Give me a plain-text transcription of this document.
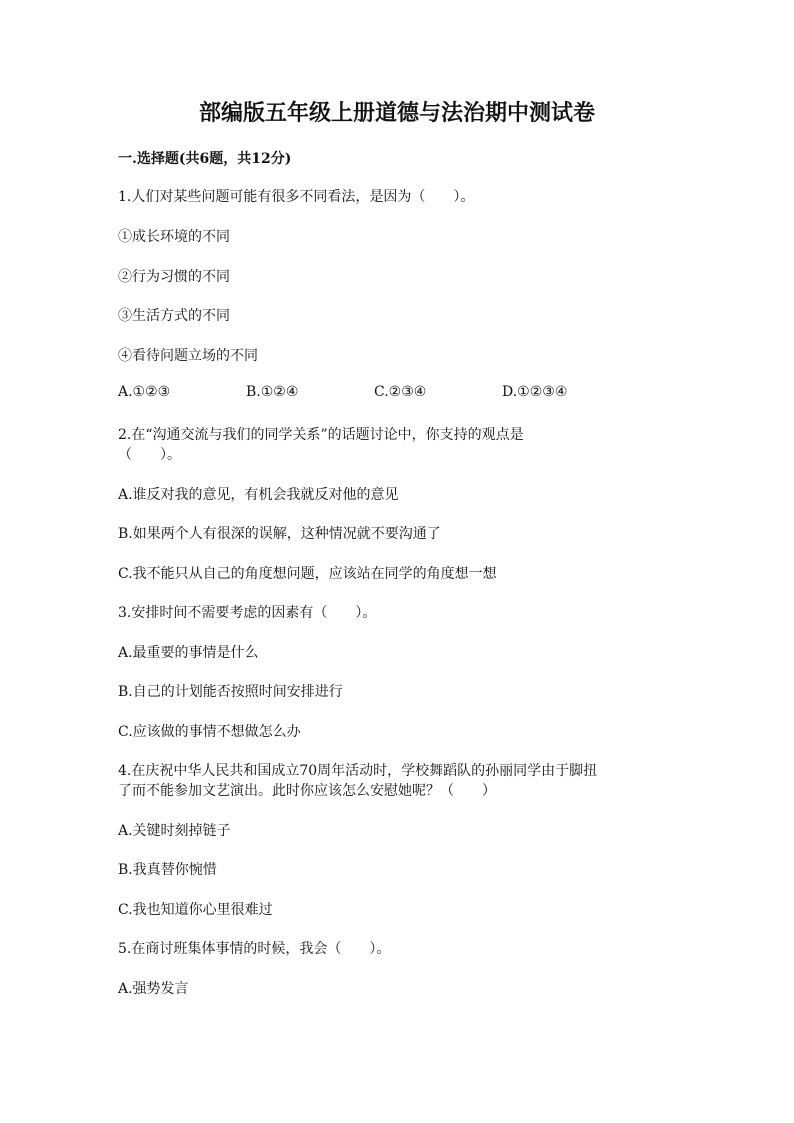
部编版五年级上册道德与法治期中测试卷
一.选择题(共6题，共12分)
1.人们对某些问题可能有很多不同看法，是因为（　　）。
①成长环境的不同
②行为习惯的不同
③生活方式的不同
④看待问题立场的不同
A.①②③	B.①②④	C.②③④	D.①②③④
2.在“沟通交流与我们的同学关系”的话题讨论中，你支持的观点是
（　　）。
A.谁反对我的意见，有机会我就反对他的意见
B.如果两个人有很深的误解，这种情况就不要沟通了
C.我不能只从自己的角度想问题，应该站在同学的角度想一想
3.安排时间不需要考虑的因素有（　　）。
A.最重要的事情是什么
B.自己的计划能否按照时间安排进行
C.应该做的事情不想做怎么办
4.在庆祝中华人民共和国成立70周年活动时，学校舞蹈队的孙丽同学由于脚扭
了而不能参加文艺演出。此时你应该怎么安慰她呢？（　　）
A.关键时刻掉链子
B.我真替你惋惜
C.我也知道你心里很难过
5.在商讨班集体事情的时候，我会（　　）。
A.强势发言
